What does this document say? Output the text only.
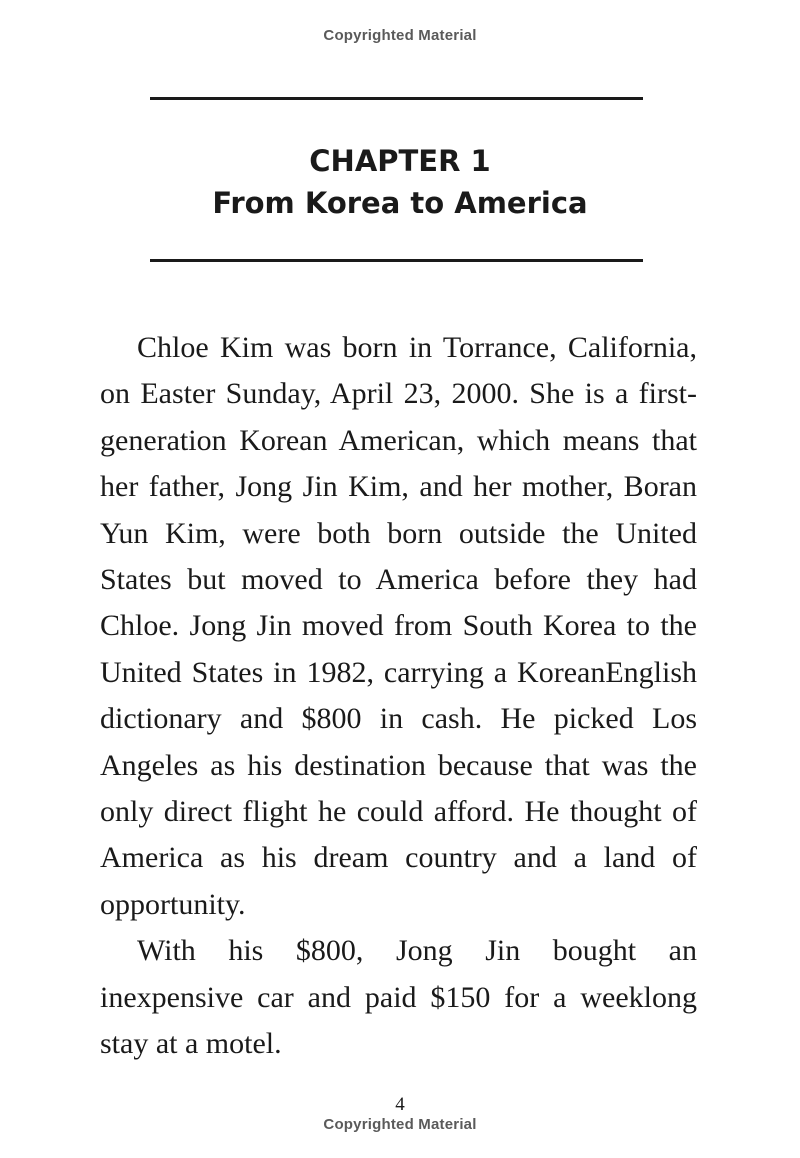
Copyrighted Material
CHAPTER 1
From Korea to America

Chloe Kim was born in Torrance, California, on Easter Sunday, April 23, 2000. She is a firstgeneration Korean American, which means that her father, Jong Jin Kim, and her mother, Boran Yun Kim, were both born outside the United States but moved to America before they had Chloe. Jong Jin moved from South Korea to the United States in 1982, carrying a KoreanEnglish dictionary and $800 in cash. He picked Los Angeles as his destination because that was the only direct flight he could afford. He thought of America as his dream country and a land of opportunity.

With his $800, Jong Jin bought an inexpensive car and paid $150 for a weeklong stay at a motel.

4
Copyrighted Material
